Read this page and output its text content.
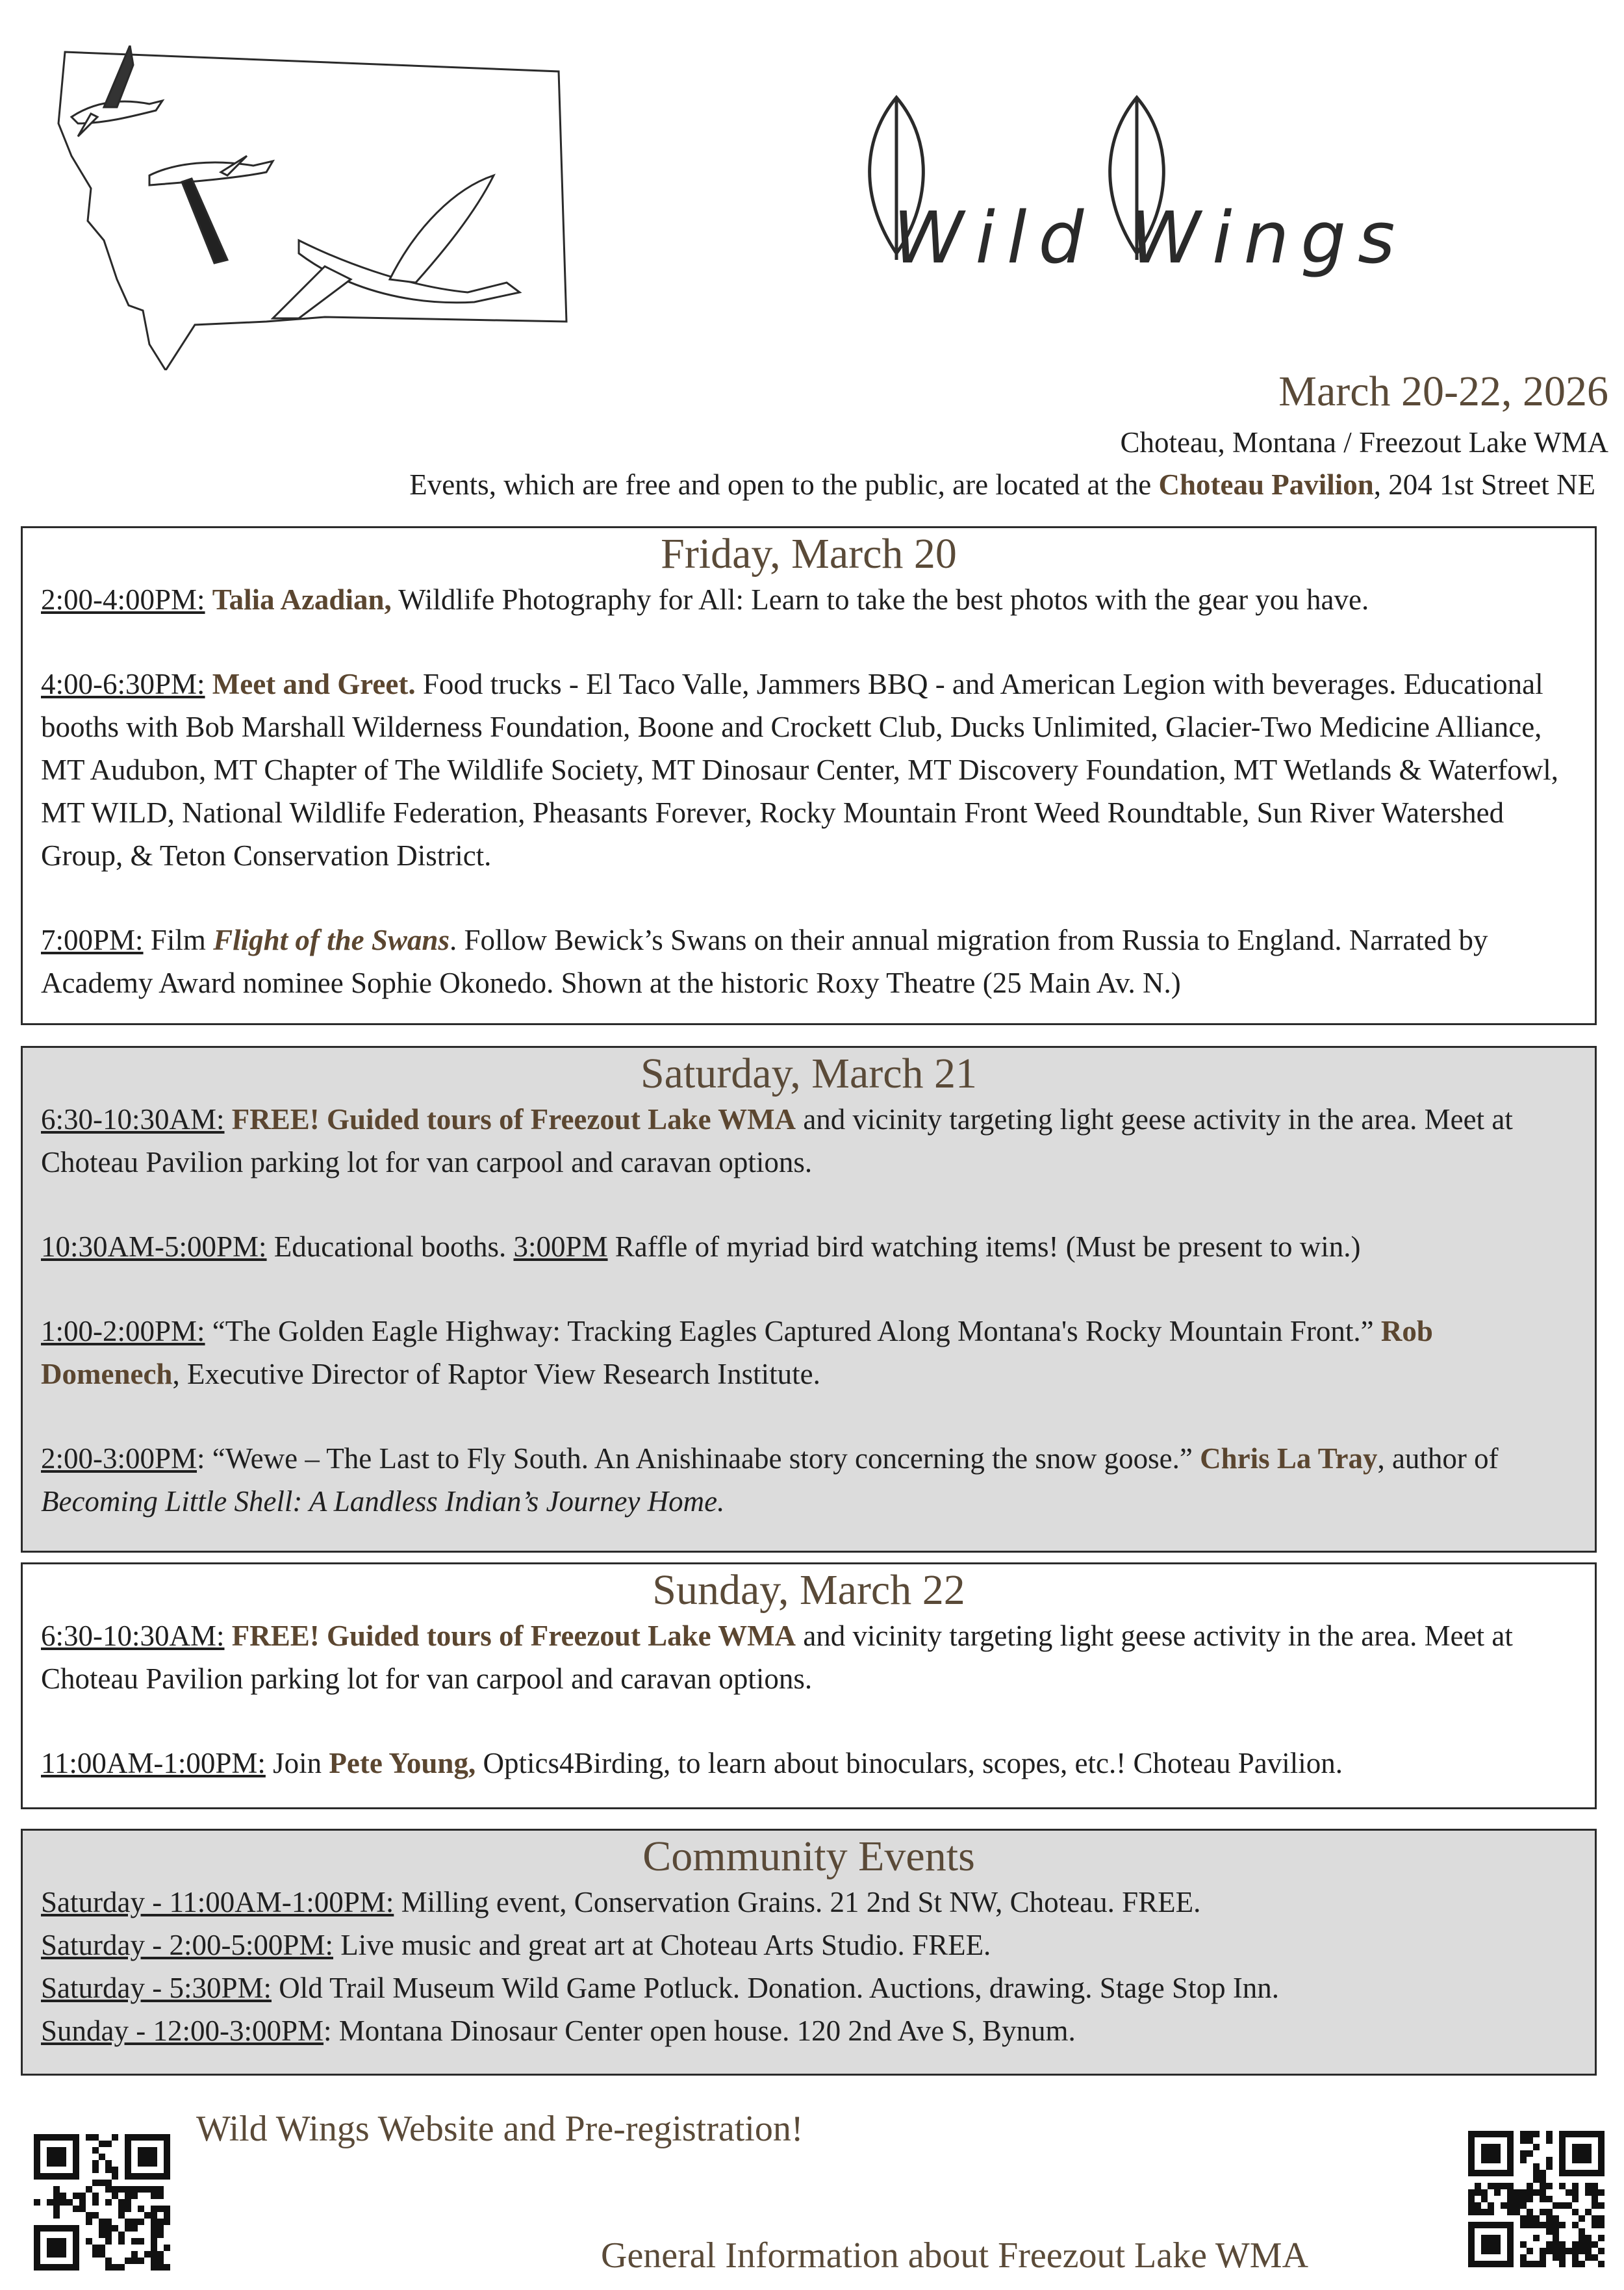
Wild Wings
March 20-22, 2026
Choteau, Montana / Freezout Lake WMA
Events, which are free and open to the public, are located at the Choteau Pavilion, 204 1st Street NE
Friday, March 20

2:00-4:00PM: Talia Azadian, Wildlife Photography for All: Learn to take the best photos with the gear you have.

4:00-6:30PM: Meet and Greet. Food trucks - El Taco Valle, Jammers BBQ - and American Legion with beverages. Educational booths with Bob Marshall Wilderness Foundation, Boone and Crockett Club, Ducks Unlimited, Glacier-Two Medicine Alliance, MT Audubon, MT Chapter of The Wildlife Society, MT Dinosaur Center, MT Discovery Foundation, MT Wetlands & Waterfowl, MT WILD, National Wildlife Federation, Pheasants Forever, Rocky Mountain Front Weed Roundtable, Sun River Watershed Group, & Teton Conservation District.

7:00PM: Film Flight of the Swans. Follow Bewick’s Swans on their annual migration from Russia to England. Narrated by Academy Award nominee Sophie Okonedo. Shown at the historic Roxy Theatre (25 Main Av. N.)

Saturday, March 21

6:30-10:30AM: FREE! Guided tours of Freezout Lake WMA and vicinity targeting light geese activity in the area. Meet at Choteau Pavilion parking lot for van carpool and caravan options.

10:30AM-5:00PM: Educational booths. 3:00PM Raffle of myriad bird watching items! (Must be present to win.)

1:00-2:00PM: “The Golden Eagle Highway: Tracking Eagles Captured Along Montana's Rocky Mountain Front.” Rob Domenech, Executive Director of Raptor View Research Institute.

2:00-3:00PM: “Wewe – The Last to Fly South. An Anishinaabe story concerning the snow goose.” Chris La Tray, author of Becoming Little Shell: A Landless Indian’s Journey Home.

Sunday, March 22

6:30-10:30AM: FREE! Guided tours of Freezout Lake WMA and vicinity targeting light geese activity in the area. Meet at Choteau Pavilion parking lot for van carpool and caravan options.

11:00AM-1:00PM: Join Pete Young, Optics4Birding, to learn about binoculars, scopes, etc.! Choteau Pavilion.

Community Events

Saturday - 11:00AM-1:00PM: Milling event, Conservation Grains. 21 2nd St NW, Choteau. FREE.

Saturday - 2:00-5:00PM: Live music and great art at Choteau Arts Studio. FREE.

Saturday - 5:30PM: Old Trail Museum Wild Game Potluck. Donation. Auctions, drawing. Stage Stop Inn.

Sunday - 12:00-3:00PM: Montana Dinosaur Center open house. 120 2nd Ave S, Bynum.

Wild Wings Website and Pre-registration!
General Information about Freezout Lake WMA
